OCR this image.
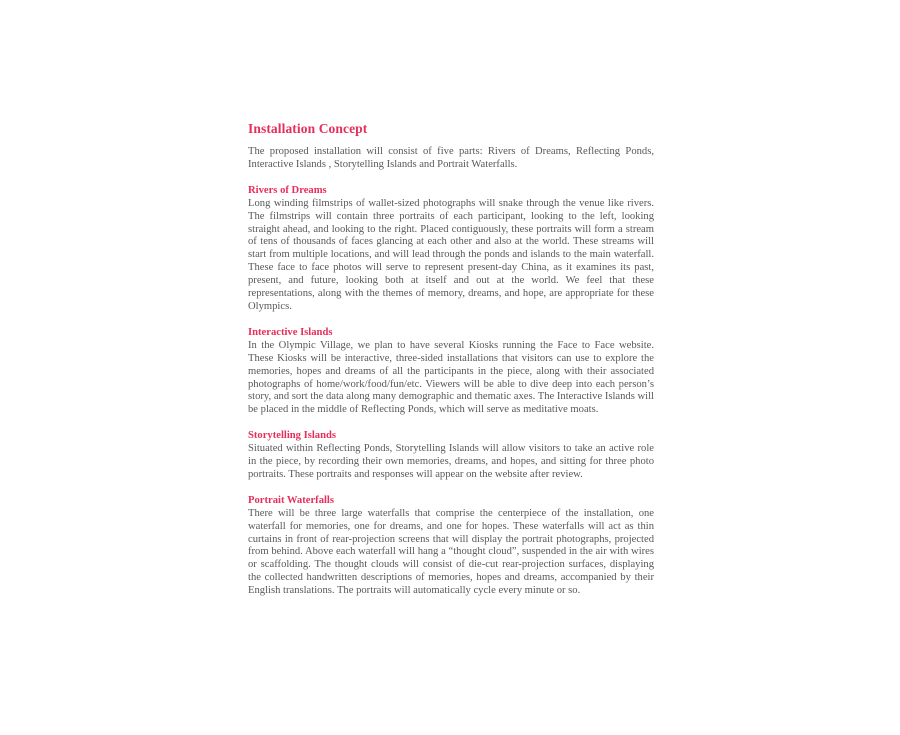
Installation Concept

The proposed installation will consist of five parts: Rivers of Dreams, Reflecting Ponds, Interactive Islands , Storytelling Islands and Portrait Waterfalls.

Rivers of Dreams

Long winding filmstrips of wallet-sized photographs will snake through the venue like rivers. The filmstrips will contain three portraits of each participant, looking to the left, looking straight ahead, and looking to the right. Placed contiguously, these portraits will form a stream of tens of thousands of faces glancing at each other and also at the world. These streams will start from multiple locations, and will lead through the ponds and islands to the main waterfall. These face to face photos will serve to represent present-day China, as it examines its past, present, and future, looking both at itself and out at the world. We feel that these representations, along with the themes of memory, dreams, and hope, are appropriate for these Olympics.

Interactive Islands

In the Olympic Village, we plan to have several Kiosks running the Face to Face website. These Kiosks will be interactive, three-sided installations that visitors can use to explore the memories, hopes and dreams of all the participants in the piece, along with their associated photographs of home/work/food/fun/etc. Viewers will be able to dive deep into each person’s story, and sort the data along many demographic and thematic axes. The Interactive Islands will be placed in the middle of Reflecting Ponds, which will serve as meditative moats.

Storytelling Islands

Situated within Reflecting Ponds, Storytelling Islands will allow visitors to take an active role in the piece, by recording their own memories, dreams, and hopes, and sitting for three photo portraits. These portraits and responses will appear on the website after review.

Portrait Waterfalls

There will be three large waterfalls that comprise the centerpiece of the installation, one waterfall for memories, one for dreams, and one for hopes. These waterfalls will act as thin curtains in front of rear-projection screens that will display the portrait photographs, projected from behind. Above each waterfall will hang a “thought cloud”, suspended in the air with wires or scaffolding. The thought clouds will consist of die-cut rear-projection surfaces, displaying the collected handwritten descriptions of memories, hopes and dreams, accompanied by their English translations. The portraits will automatically cycle every minute or so.
